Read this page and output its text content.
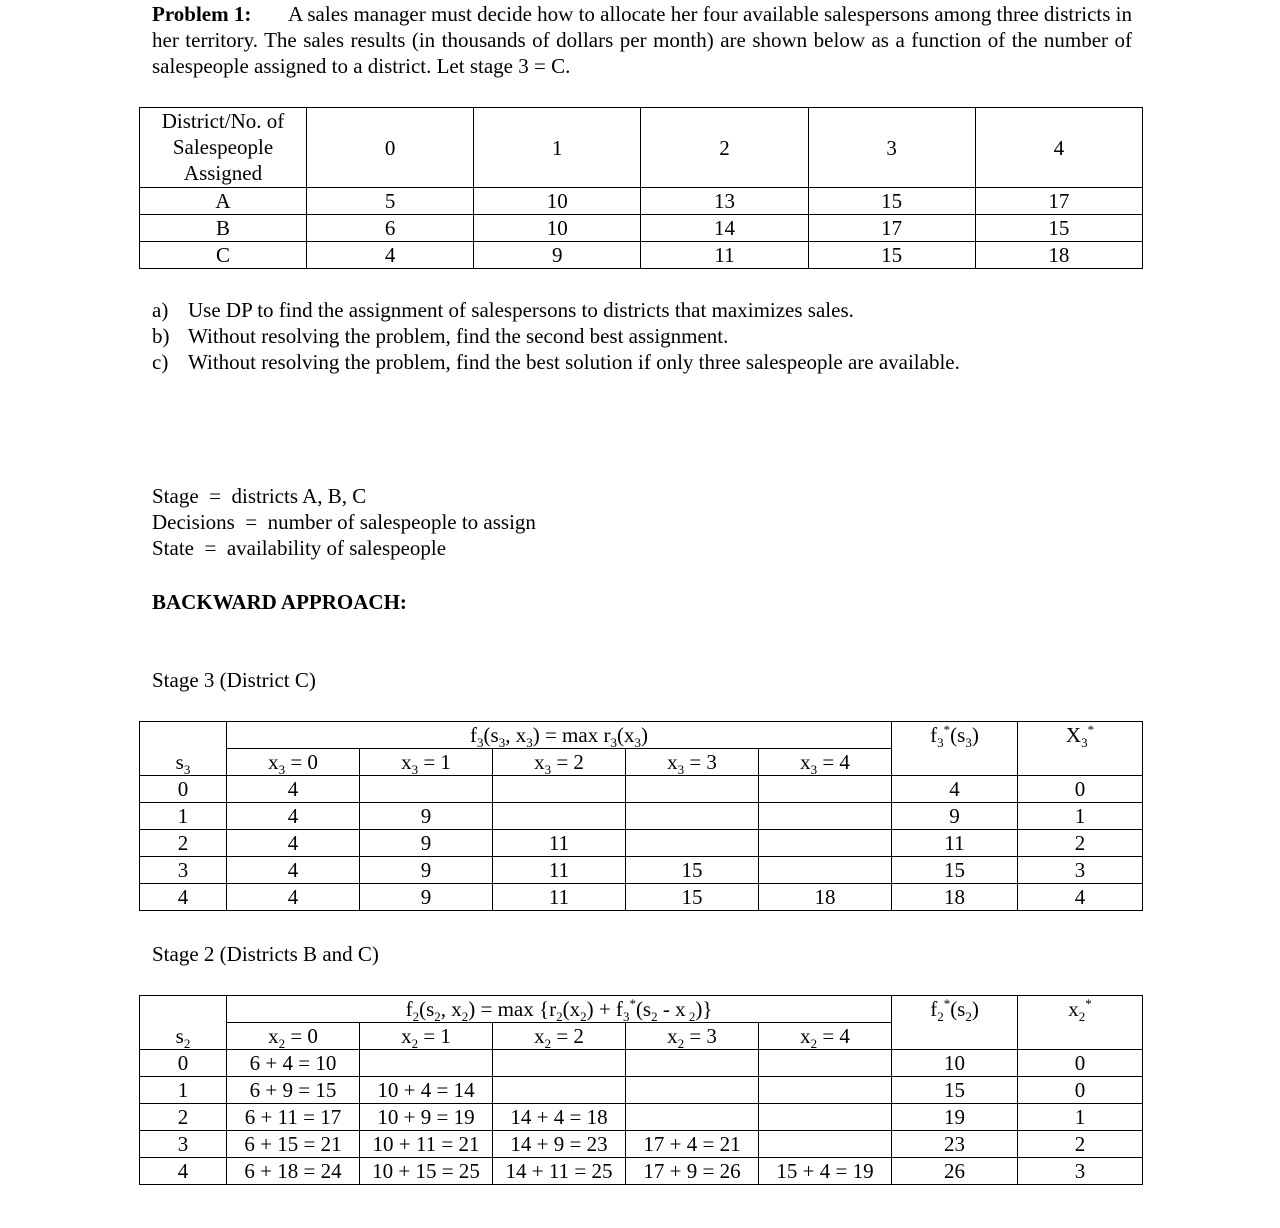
Problem 1: A sales manager must decide how to allocate her four available salespersons among three districts in her territory. The sales results (in thousands of dollars per month) are shown below as a function of the number of salespeople assigned to a district. Let stage 3 = C.
District/No. of Salespeople Assigned	0	1	2	3	4
A	5	10	13	15	17
B	6	10	14	17	15
C	4	9	11	15	18
a) Use DP to find the assignment of salespersons to districts that maximizes sales.
b) Without resolving the problem, find the second best assignment.
c) Without resolving the problem, find the best solution if only three salespeople are available.
Stage  =  districts A, B, C
Decisions  =  number of salespeople to assign
State  =  availability of salespeople
BACKWARD APPROACH:
Stage 3 (District C)
$s_3$	$f_3(s_3$, $x_3) = \max r_3(x_3)$					$f_3^*(s_3)$	$X_3^*$
	$x_3 = 0$	$x_3 = 1$	$x_3 = 2$	$x_3 = 3$	$x_3 = 4$		
0	4					4	0
1	4	9				9	1
2	4	9	11			11	2
3	4	9	11	15		15	3
4	4	9	11	15	18	18	4
Stage 2 (Districts B and C)
$s_2$	$f_2(s_2$, $x_2) = \max \{r_2(x_2) + f_3^*(s_2 - x$ $_2$)}					$f_2^*(s_2)$	$x_2^*$
	$x_2 = 0$	$x_2 = 1$	$x_2 = 2$	$x_2 = 3$	$x_2 = 4$		
0	6 + 4 = 10					10	0
1	6 + 9 = 15	10 + 4 = 14				15	0
2	6 + 11 = 17	10 + 9 = 19	14 + 4 = 18			19	1
3	6 + 15 = 21	10 + 11 = 21	14 + 9 = 23	17 + 4 = 21		23	2
4	6 + 18 = 24	10 + 15 = 25	14 + 11 = 25	17 + 9 = 26	15 + 4 = 19	26	3
